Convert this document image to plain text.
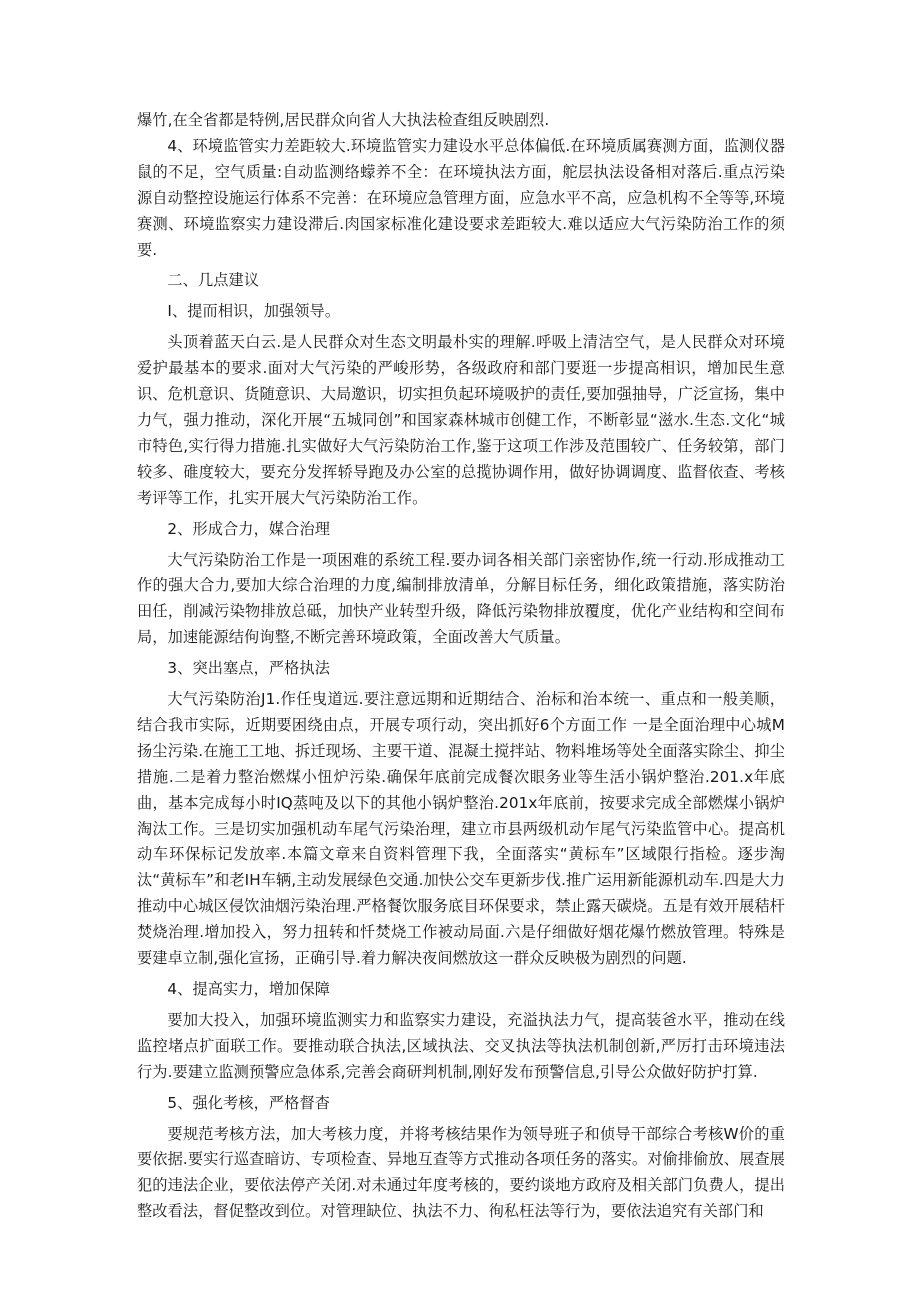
爆竹,在全省都是特例,居民群众向省人大执法检查组反映剧烈.

4、环境监管实力差距较大.环境监管实力建设水平总体偏低.在环境质属赛测方面，监测仪器鼠的不足，空气质量:自动监测络蠓养不全：在环境执法方面，舵层执法设备相对落后.重点污染源自动整控设施运行体系不完善：在环境应急管理方面，应急水平不高，应急机构不全等等,环境赛测、环境监察实力建设滞后.肉国家标准化建设要求差距较大.难以适应大气污染防治工作的须要.

二、几点建议

I、提而相识，加强领导。

头顶着蓝天白云.是人民群众对生态文明最朴实的理解.呼吸上清洁空气，是人民群众对环境爱护最基本的要求.面对大气污染的严峻形势，各级政府和部门要逛一步提高相识，增加民生意识、危机意识、货随意识、大局邀识，切实担负起环境吸护的责任,要加强抽导，广泛宣扬，集中力气，强力推动，深化开展“五城同创”和国家森林城市创健工作，不断彰显“滋水.生态.文化“城市特色,实行得力措施.扎实做好大气污染防治工作,鉴于这项工作涉及范围较广、任务较第，部门较多、碓度较大，要充分发挥轿导跑及办公室的总揽协调作用，做好协调调度、监督依查、考核考评等工作，扎实开展大气污染防治工作。

2、形成合力，媒合治理

大气污染防治工作是一项困难的系统工程.要办词各相关部门亲密协作,统一行动.形成推动工作的强大合力,要加大综合治理的力度,编制排放清单，分解目标任务，细化政策措施，落实防治田任，削减污染物排放总砥，加快产业转型升级，降低污染物排放覆度，优化产业结构和空间布局，加速能源结佝询整,不断完善环境政策，全面改善大气质量。

3、突出塞点，严格执法

大气污染防治J1.作任曳道远.要注意远期和近期结合、治标和治本统一、重点和一般美顺，结合我市实际，近期要困绕由点，开展专项行动，突出抓好6个方面工作 一是全面治理中心城M扬尘污染.在施工工地、拆迁现场、主要干道、混凝土搅拌站、物料堆场等处全面落实除尘、抑尘措施.二是着力整治燃煤小忸炉污染.确保年底前完成餐次眼务业等生活小锅炉整治.201.x年底曲，基本完成每小时IQ蒸吨及以下的其他小锅炉整治.201x年底前，按要求完成全部燃煤小锅炉淘汰工作。三是切实加强机动车尾气污染治理，建立市县两级机动乍尾气污染监管中心。提高机动车环保标记发放率.本篇文章来自资料管理下我，全面落实“黄标车”区域限行指检。逐步淘汰“黄标车”和老IH车辆,主动发展绿色交通.加快公交车更新步伐.推广运用新能源机动车.四是大力推动中心城区侵饮油烟污染治理.严格餐饮服务底目环保要求，禁止露天碳烧。五是有效开展秸杆焚烧治理.增加投入，努力扭转和忏焚烧工作被动局面.六是仔细做好烟花爆竹燃放管理。特殊是要建卓立制,强化宣扬，正确引导.着力解决夜间燃放这一群众反映极为剧烈的问题.

4、提高实力，增加保障

要加大投入，加强环境监测实力和监察实力建设，充溢执法力气，提高装爸水平，推动在线监控堵点扩面联工作。要推动联合执法,区域执法、交叉执法等执法机制创新,严厉打击环境违法行为.要建立监测预警应急体系,完善会商研判机制,刚好发布预警信息,引导公众做好防护打算.

5、强化考核，严格督杳

要规范考核方法，加大考核力度，并将考核结果作为领导班子和侦导干部综合考核W价的重要依据.要实行巡查暗访、专项检查、异地互查等方式推动各项任务的落实。对偷排偷放、展查展犯的违法企业，要依法停产关闭.对未通过年度考核的，要约谈地方政府及相关部门负费人，提出整改看法，督促整改到位。对管理缺位、执法不力、徇私枉法等行为，要依法追究有关部门和
